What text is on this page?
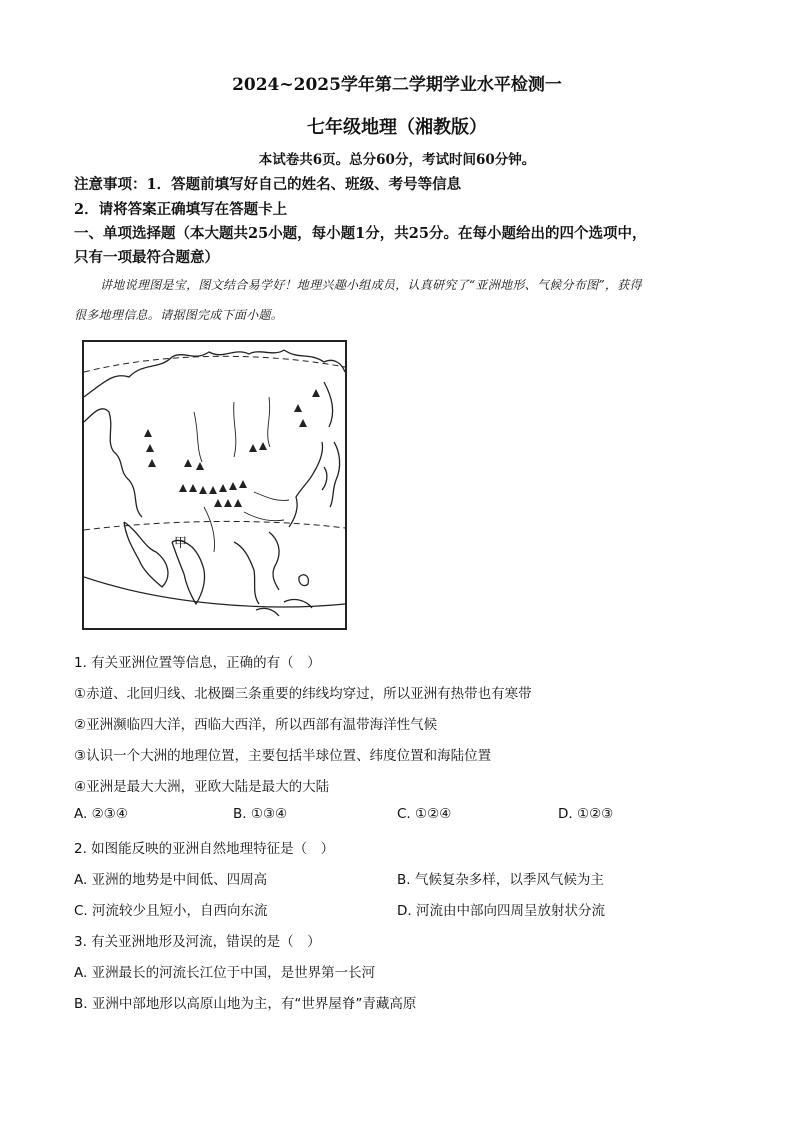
2024~2025学年第二学期学业水平检测一
七年级地理（湘教版）
本试卷共6页。总分60分，考试时间60分钟。
注意事项：1．答题前填写好自己的姓名、班级、考号等信息
2．请将答案正确填写在答题卡上
一、单项选择题（本大题共25小题，每小题1分，共25分。在每小题给出的四个选项中，
只有一项最符合题意）
讲地说理图是宝，图文结合易学好！地理兴趣小组成员，认真研究了“亚洲地形、气候分布图”，获得
很多地理信息。请据图完成下面小题。
甲
1. 有关亚洲位置等信息，正确的有（　）
①赤道、北回归线、北极圈三条重要的纬线均穿过，所以亚洲有热带也有寒带
②亚洲濒临四大洋，西临大西洋，所以西部有温带海洋性气候
③认识一个大洲的地理位置，主要包括半球位置、纬度位置和海陆位置
④亚洲是最大大洲，亚欧大陆是最大的大陆
A. ②③④	B. ①③④	C. ①②④	D. ①②③
2. 如图能反映的亚洲自然地理特征是（　）
A. 亚洲的地势是中间低、四周高	B. 气候复杂多样，以季风气候为主
C. 河流较少且短小，自西向东流	D. 河流由中部向四周呈放射状分流
3. 有关亚洲地形及河流，错误的是（　）
A. 亚洲最长的河流长江位于中国，是世界第一长河
B. 亚洲中部地形以高原山地为主，有“世界屋脊”青藏高原
